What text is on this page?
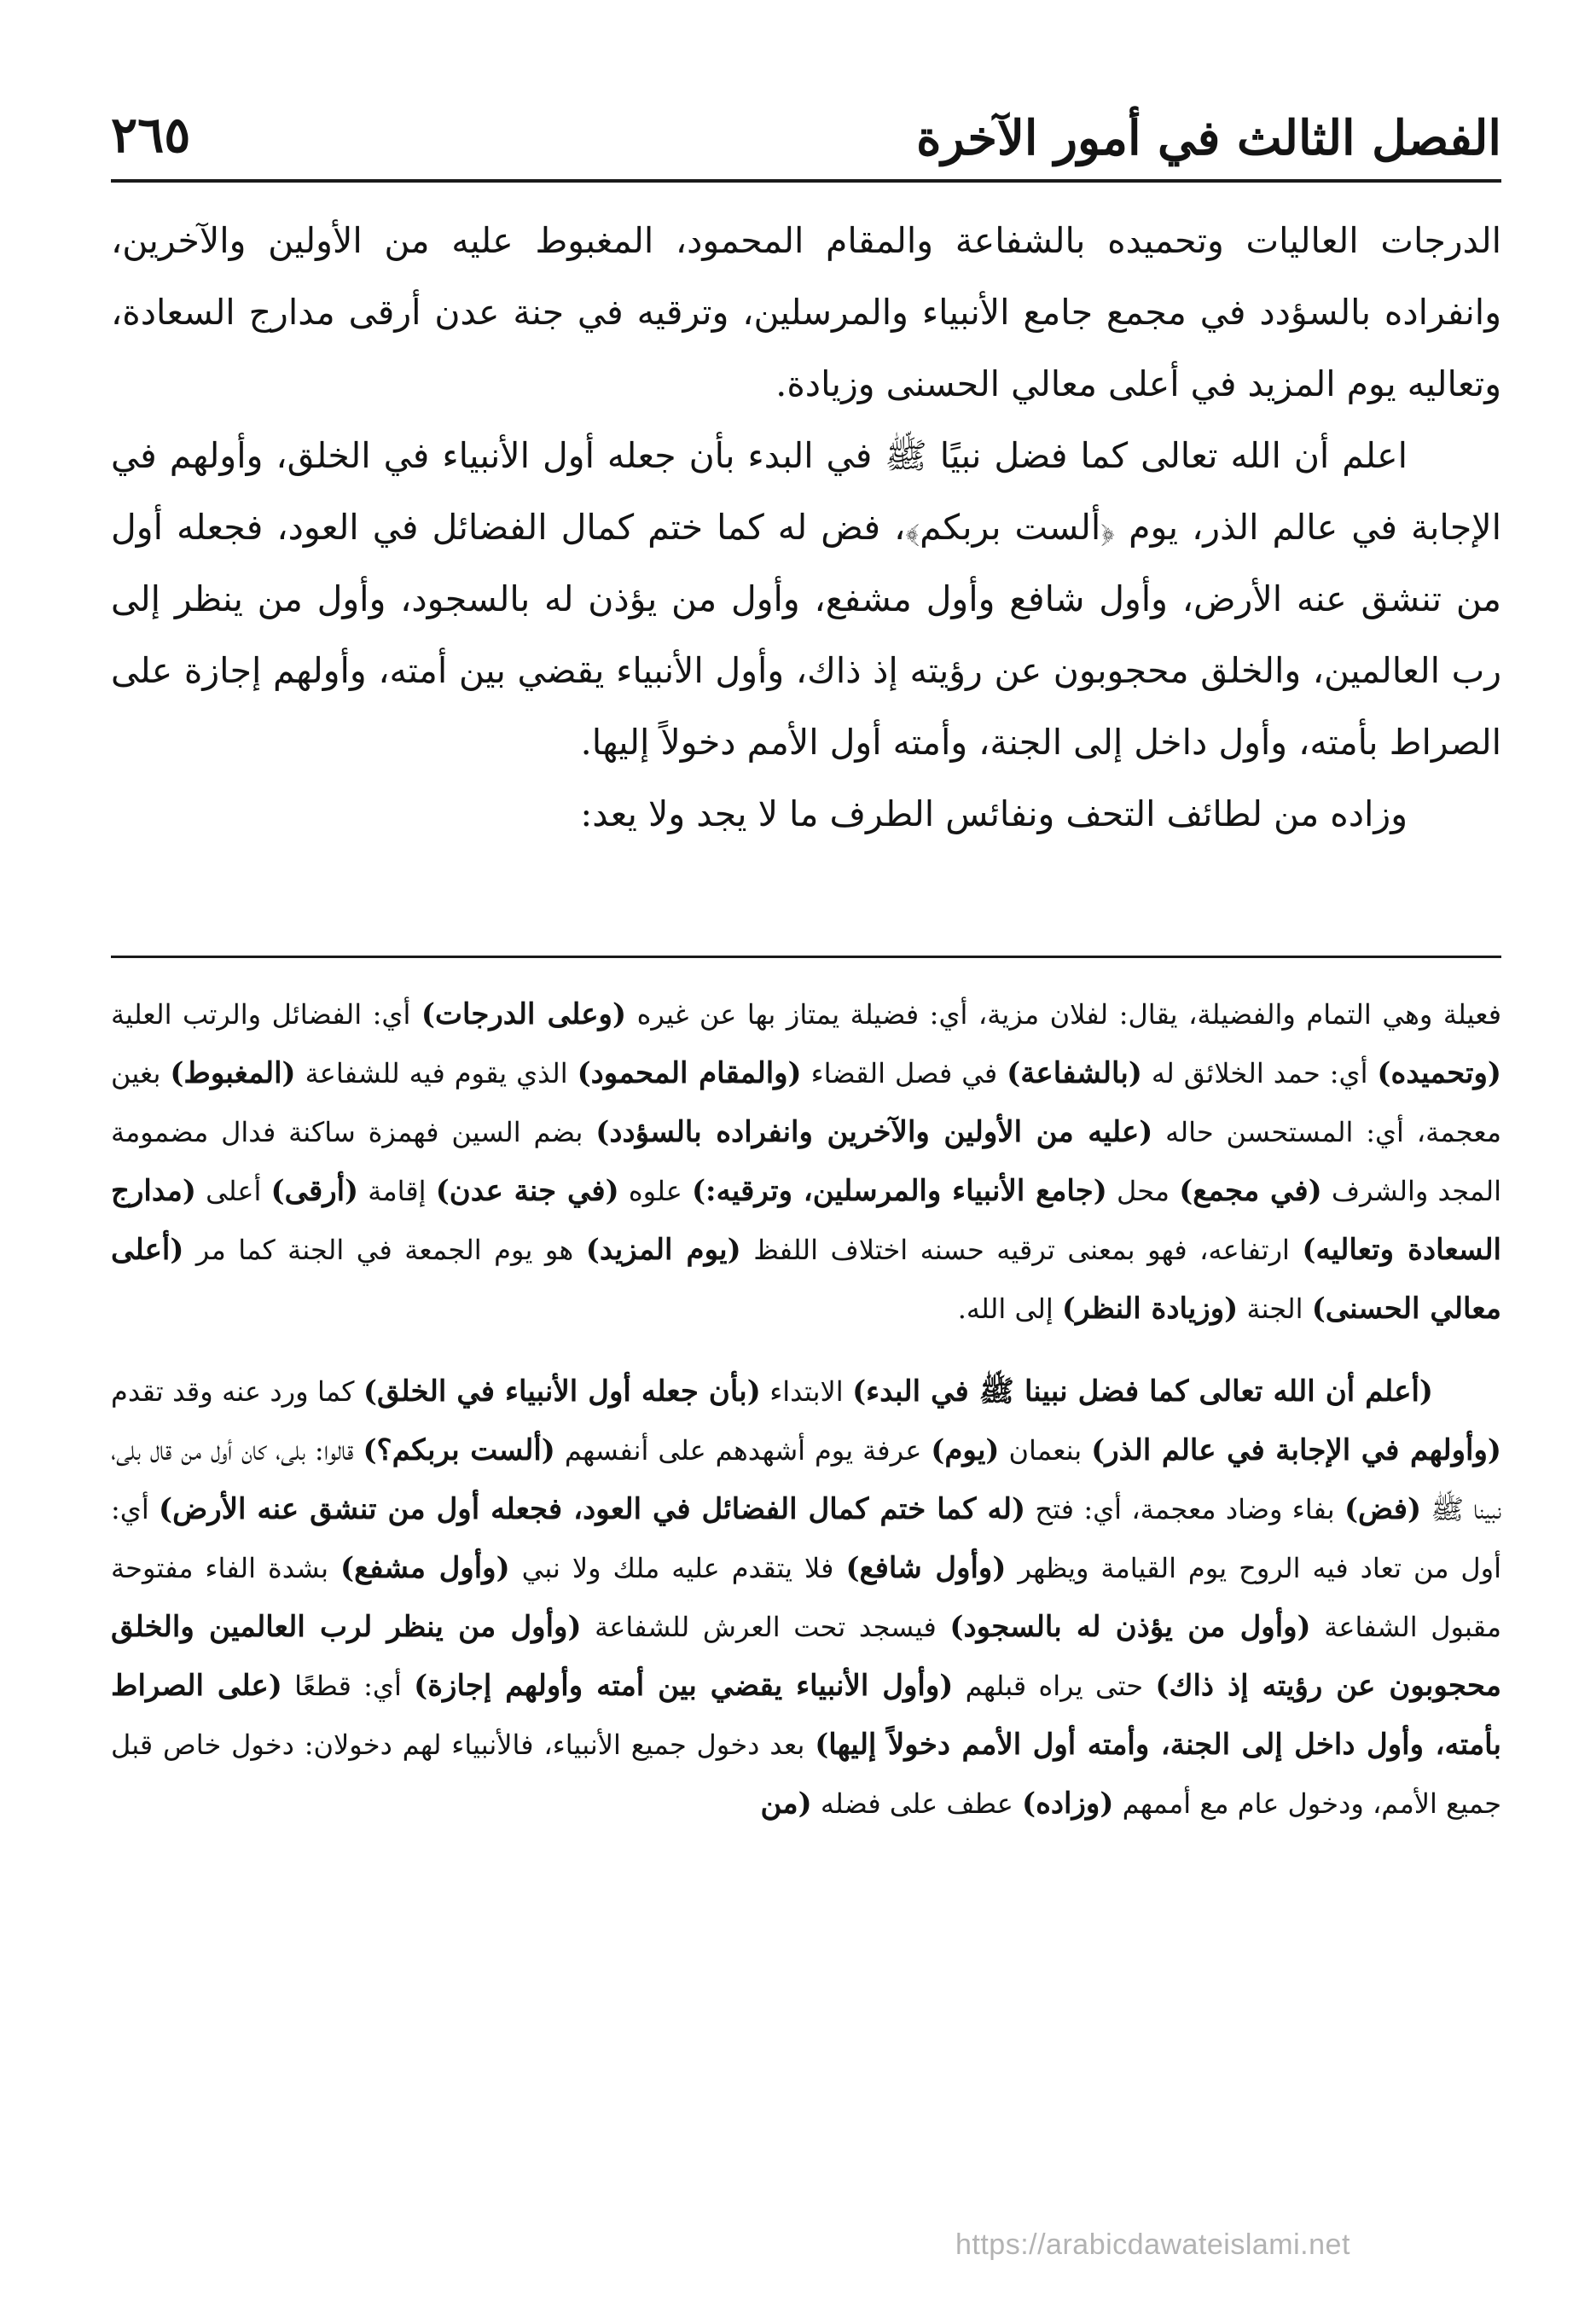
الفصل الثالث في أمور الآخرة
٢٦٥

الدرجات العاليات وتحميده بالشفاعة والمقام المحمود، المغبوط عليه من الأولين والآخرين، وانفراده بالسؤدد في مجمع جامع الأنبياء والمرسلين، وترقيه في جنة عدن أرقى مدارج السعادة، وتعاليه يوم المزيد في أعلى معالي الحسنى وزيادة.

اعلم أن الله تعالى كما فضل نبيًا ﷺ في البدء بأن جعله أول الأنبياء في الخلق، وأولهم في الإجابة في عالم الذر، يوم ﴿ألست بربكم﴾، فض له كما ختم كمال الفضائل في العود، فجعله أول من تنشق عنه الأرض، وأول شافع وأول مشفع، وأول من يؤذن له بالسجود، وأول من ينظر إلى رب العالمين، والخلق محجوبون عن رؤيته إذ ذاك، وأول الأنبياء يقضي بين أمته، وأولهم إجازة على الصراط بأمته، وأول داخل إلى الجنة، وأمته أول الأمم دخولاً إليها.

وزاده من لطائف التحف ونفائس الطرف ما لا يجد ولا يعد:

فعيلة وهي التمام والفضيلة، يقال: لفلان مزية، أي: فضيلة يمتاز بها عن غيره (وعلى الدرجات) أي: الفضائل والرتب العلية (وتحميده) أي: حمد الخلائق له (بالشفاعة) في فصل القضاء (والمقام المحمود) الذي يقوم فيه للشفاعة (المغبوط) بغين معجمة، أي: المستحسن حاله (عليه من الأولين والآخرين وانفراده بالسؤدد) بضم السين فهمزة ساكنة فدال مضمومة المجد والشرف (في مجمع) محل (جامع الأنبياء والمرسلين، وترقيه:) علوه (في جنة عدن) إقامة (أرقى) أعلى (مدارج السعادة وتعاليه) ارتفاعه، فهو بمعنى ترقيه حسنه اختلاف اللفظ (يوم المزيد) هو يوم الجمعة في الجنة كما مر (أعلى معالي الحسنى) الجنة (وزيادة النظر) إلى الله.

(أعلم أن الله تعالى كما فضل نبينا ﷺ في البدء) الابتداء (بأن جعله أول الأنبياء في الخلق) كما ورد عنه وقد تقدم (وأولهم في الإجابة في عالم الذر) بنعمان (يوم) عرفة يوم أشهدهم على أنفسهم (ألست بربكم؟) قالوا: بلى، كان أول من قال بلى، نبينا ﷺ (فض) بفاء وضاد معجمة، أي: فتح (له كما ختم كمال الفضائل في العود، فجعله أول من تنشق عنه الأرض) أي: أول من تعاد فيه الروح يوم القيامة ويظهر (وأول شافع) فلا يتقدم عليه ملك ولا نبي (وأول مشفع) بشدة الفاء مفتوحة مقبول الشفاعة (وأول من يؤذن له بالسجود) فيسجد تحت العرش للشفاعة (وأول من ينظر لرب العالمين والخلق محجوبون عن رؤيته إذ ذاك) حتى يراه قبلهم (وأول الأنبياء يقضي بين أمته وأولهم إجازة) أي: قطعًا (على الصراط بأمته، وأول داخل إلى الجنة، وأمته أول الأمم دخولاً إليها) بعد دخول جميع الأنبياء، فالأنبياء لهم دخولان: دخول خاص قبل جميع الأمم، ودخول عام مع أممهم (وزاده) عطف على فضله (من

https://arabicdawateislami.net
